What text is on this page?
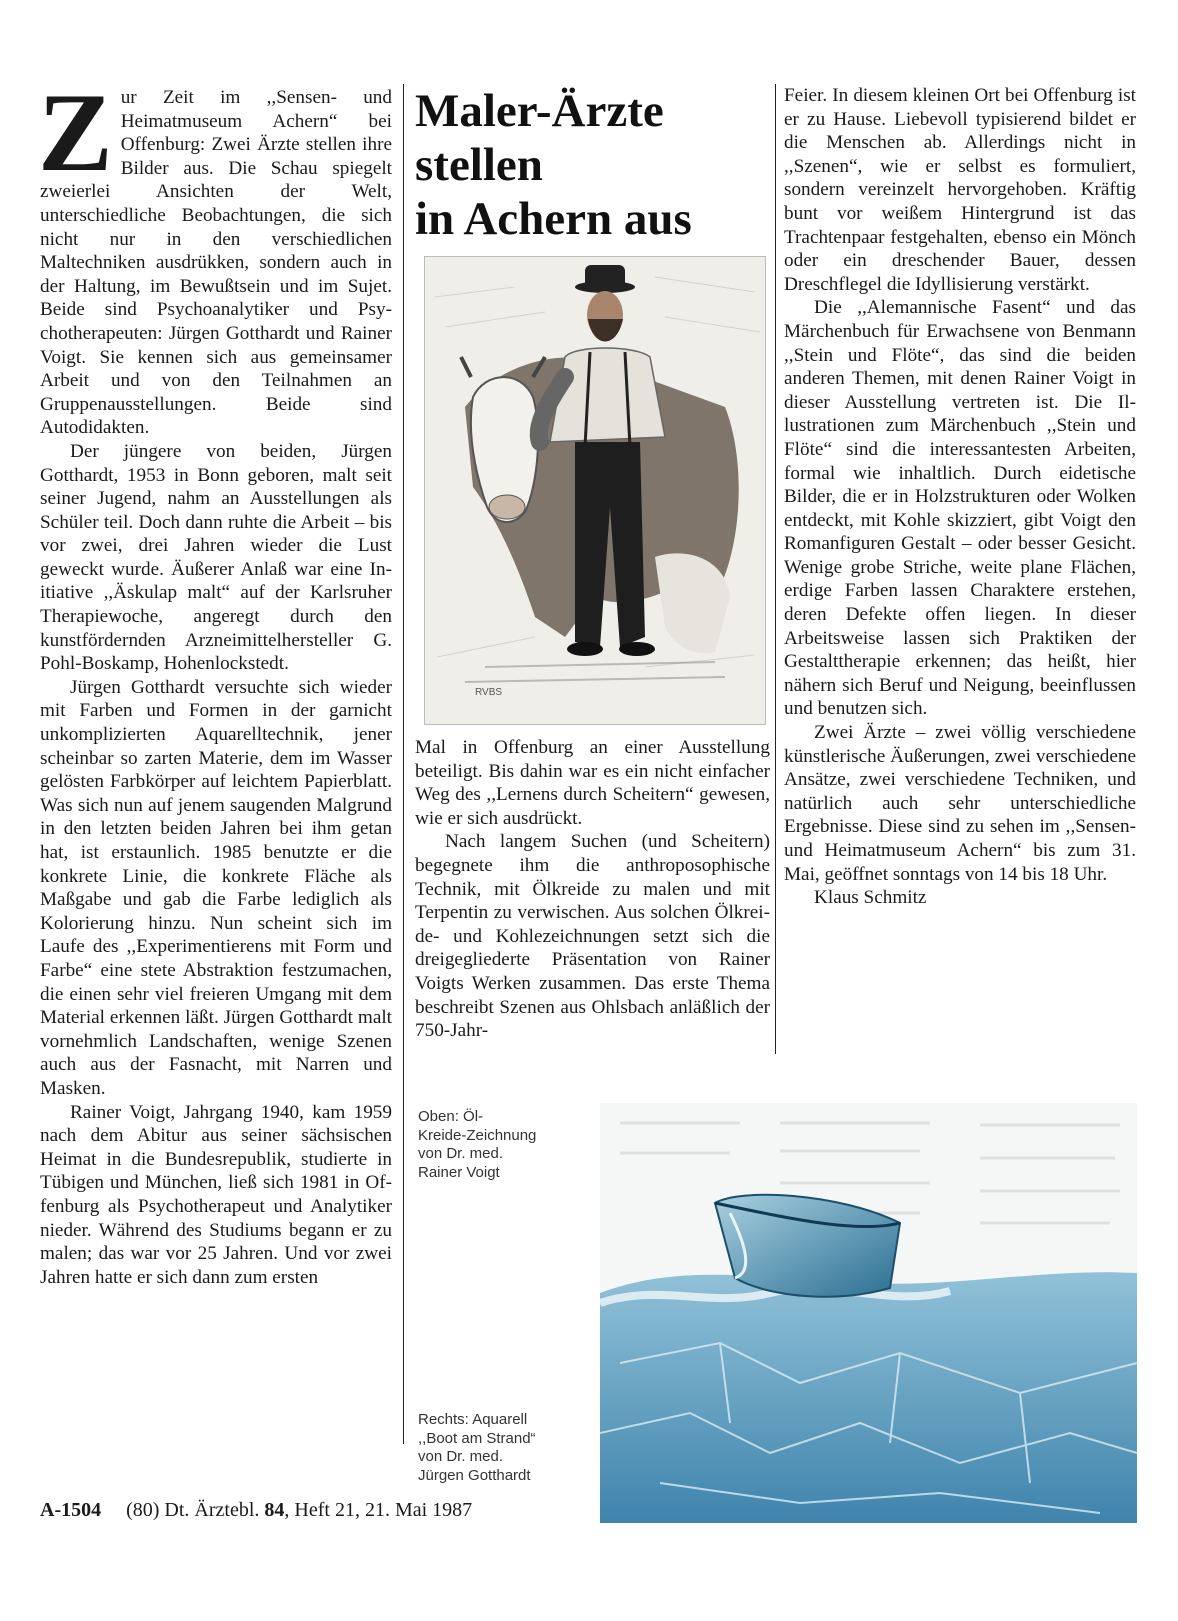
Z ur Zeit im ,,Sensen- und Heimatmuseum Achern“ bei Offenburg: Zwei Ärzte stellen ihre Bilder aus. Die Schau spiegelt zweierlei Ansichten der Welt, unterschiedliche Beobachtungen, die sich nicht nur in den verschiedlichen Maltechniken ausdrükken, sondern auch in der Haltung, im Bewußtsein und im Sujet. Beide sind Psychoanalytiker und Psychotherapeuten: Jürgen Gotthardt und Rainer Voigt. Sie kennen sich aus gemeinsamer Arbeit und von den Teilnahmen an Gruppenausstellungen. Beide sind Autodidakten.

Der jüngere von beiden, Jürgen Gotthardt, 1953 in Bonn geboren, malt seit seiner Jugend, nahm an Ausstellungen als Schüler teil. Doch dann ruhte die Arbeit – bis vor zwei, drei Jahren wieder die Lust geweckt wurde. Äußerer Anlaß war eine Initiative ,,Äskulap malt“ auf der Karlsruher Therapiewoche, angeregt durch den kunstfördernden Arzneimittelhersteller G. Pohl-Boskamp, Hohenlockstedt.

Jürgen Gotthardt versuchte sich wieder mit Farben und Formen in der garnicht unkomplizierten Aquarelltechnik, jener scheinbar so zarten Materie, dem im Wasser gelösten Farbkörper auf leichtem Papierblatt. Was sich nun auf jenem saugenden Malgrund in den letzten beiden Jahren bei ihm getan hat, ist erstaunlich. 1985 benutzte er die konkrete Linie, die konkrete Fläche als Maßgabe und gab die Farbe lediglich als Kolorierung hinzu. Nun scheint sich im Laufe des ,,Experimentierens mit Form und Farbe“ eine stete Abstraktion festzumachen, die einen sehr viel freieren Umgang mit dem Material erkennen läßt. Jürgen Gotthardt malt vornehmlich Landschaften, wenige Szenen auch aus der Fasnacht, mit Narren und Masken.

Rainer Voigt, Jahrgang 1940, kam 1959 nach dem Abitur aus seiner sächsischen Heimat in die Bundesrepublik, studierte in Tübigen und München, ließ sich 1981 in Offenburg als Psychotherapeut und Analytiker nieder. Während des Studiums begann er zu malen; das war vor 25 Jahren. Und vor zwei Jahren hatte er sich dann zum ersten

Maler-Ärzte
stellen
in Achern aus
RVBS

Mal in Offenburg an einer Ausstellung beteiligt. Bis dahin war es ein nicht einfacher Weg des ,,Lernens durch Scheitern“ gewesen, wie er sich ausdrückt.

Nach langem Suchen (und Scheitern) begegnete ihm die anthroposophische Technik, mit Ölkreide zu malen und mit Terpentin zu verwischen. Aus solchen Ölkreide- und Kohlezeichnungen setzt sich die dreigegliederte Präsentation von Rainer Voigts Werken zusammen. Das erste Thema beschreibt Szenen aus Ohlsbach anläßlich der 750-Jahr-

Feier. In diesem kleinen Ort bei Offenburg ist er zu Hause. Liebevoll typisierend bildet er die Menschen ab. Allerdings nicht in ,,Szenen“, wie er selbst es formuliert, sondern vereinzelt hervorgehoben. Kräftig bunt vor weißem Hintergrund ist das Trachtenpaar festgehalten, ebenso ein Mönch oder ein dreschender Bauer, dessen Dreschflegel die Idyllisierung verstärkt.

Die ,,Alemannische Fasent“ und das Märchenbuch für Erwachsene von Benmann ,,Stein und Flöte“, das sind die beiden anderen Themen, mit denen Rainer Voigt in dieser Ausstellung vertreten ist. Die Illustrationen zum Märchenbuch ,,Stein und Flöte“ sind die interessantesten Arbeiten, formal wie inhaltlich. Durch eidetische Bilder, die er in Holzstrukturen oder Wolken entdeckt, mit Kohle skizziert, gibt Voigt den Romanfiguren Gestalt – oder besser Gesicht. Wenige grobe Striche, weite plane Flächen, erdige Farben lassen Charaktere erstehen, deren Defekte offen liegen. In dieser Arbeitsweise lassen sich Praktiken der Gestalttherapie erkennen; das heißt, hier nähern sich Beruf und Neigung, beeinflussen und benutzen sich.

Zwei Ärzte – zwei völlig verschiedene künstlerische Äußerungen, zwei verschiedene Ansätze, zwei verschiedene Techniken, und natürlich auch sehr unterschiedliche Ergebnisse. Diese sind zu sehen im ,,Sensen- und Heimatmuseum Achern“ bis zum 31. Mai, geöffnet sonntags von 14 bis 18 Uhr.

Klaus Schmitz

Oben: Öl-
Kreide-Zeichnung
von Dr. med.
Rainer Voigt
Rechts: Aquarell
,,Boot am Strand“
von Dr. med.
Jürgen Gotthardt
A-1504 (80) Dt. Ärztebl. 84, Heft 21, 21. Mai 1987
